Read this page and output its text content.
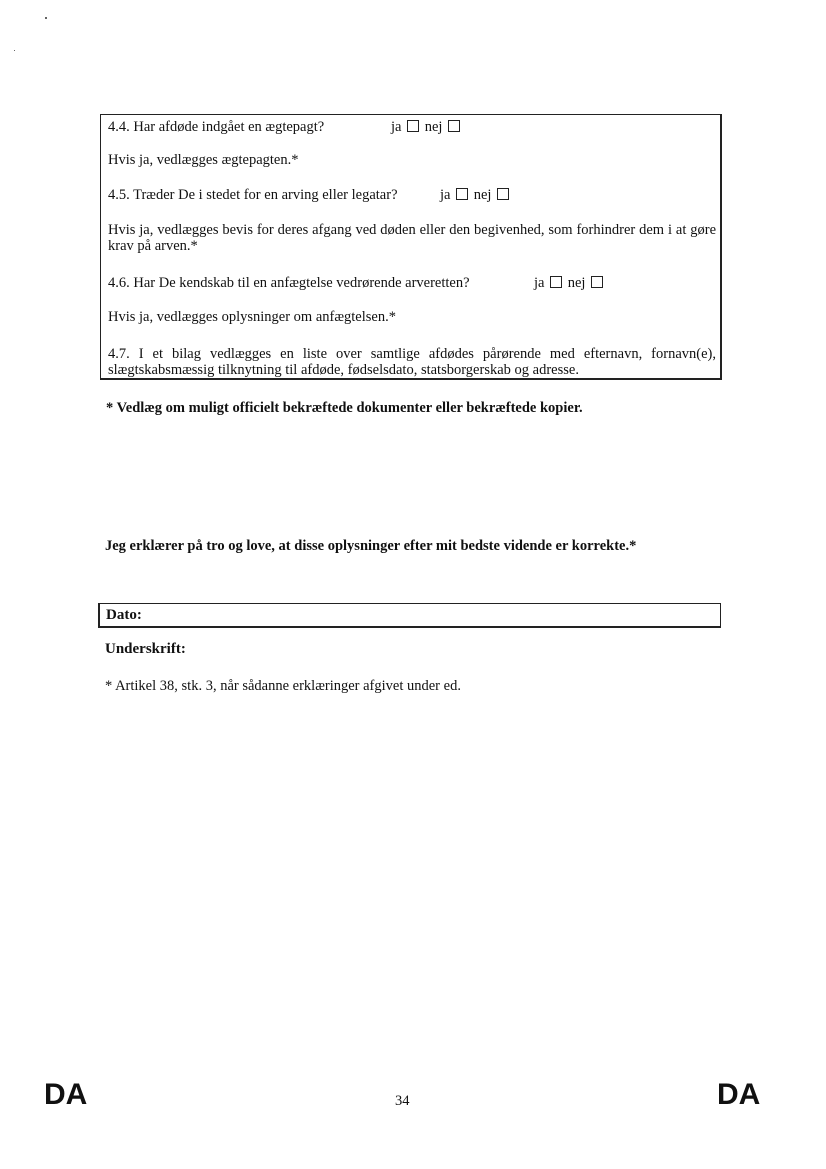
4.4. Har afdøde indgået en ægtepagt?	ja nej
Hvis ja, vedlægges ægtepagten.*
4.5. Træder De i stedet for en arving eller legatar?	ja nej
Hvis ja, vedlægges bevis for deres afgang ved døden eller den begivenhed, som forhindrer dem i at gøre krav på arven.*
4.6. Har De kendskab til en anfægtelse vedrørende arveretten?	ja nej
Hvis ja, vedlægges oplysninger om anfægtelsen.*
4.7. I et bilag vedlægges en liste over samtlige afdødes pårørende med efternavn, fornavn(e), slægtskabsmæssig tilknytning til afdøde, fødselsdato, statsborgerskab og adresse.
* Vedlæg om muligt officielt bekræftede dokumenter eller bekræftede kopier.
Jeg erklærer på tro og love, at disse oplysninger efter mit bedste vidende er korrekte.*
Dato:
Underskrift:
* Artikel 38, stk. 3, når sådanne erklæringer afgivet under ed.
DA	34	DA
